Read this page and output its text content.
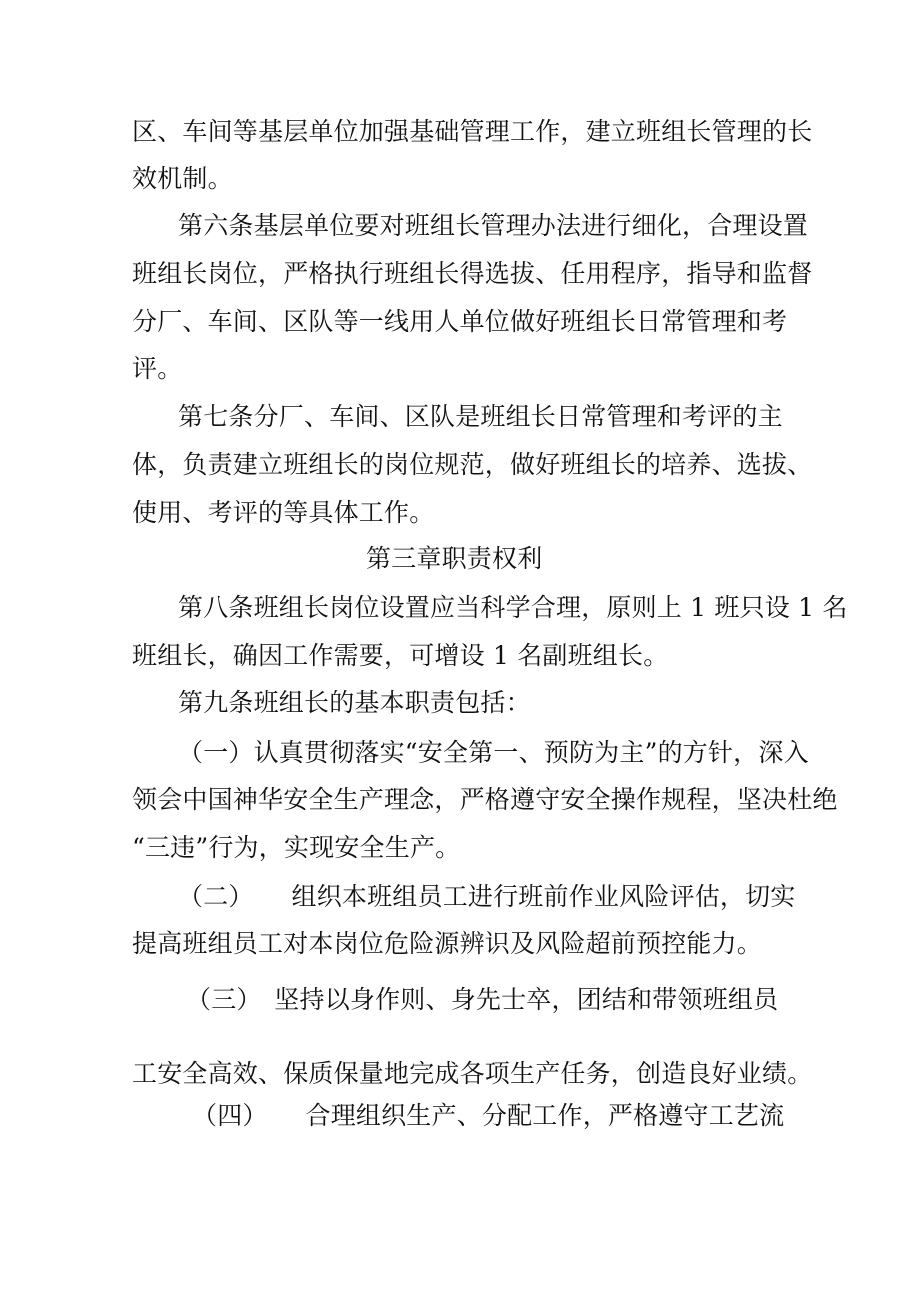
区、车间等基层单位加强基础管理工作，建立班组长管理的长
效机制。
第六条基层单位要对班组长管理办法进行细化，合理设置
班组长岗位，严格执行班组长得选拔、任用程序，指导和监督
分厂、车间、区队等一线用人单位做好班组长日常管理和考
评。
第七条分厂、车间、区队是班组长日常管理和考评的主
体，负责建立班组长的岗位规范，做好班组长的培养、选拔、
使用、考评的等具体工作。
第三章职责权利
第八条班组长岗位设置应当科学合理，原则上 1 班只设 1 名
班组长，确因工作需要，可增设 1 名副班组长。
第九条班组长的基本职责包括：
（一）认真贯彻落实“安全第一、预防为主”的方针，深入
领会中国神华安全生产理念，严格遵守安全操作规程，坚决杜绝
“三违”行为，实现安全生产。
（二）　　组织本班组员工进行班前作业风险评估，切实
提高班组员工对本岗位危险源辨识及风险超前预控能力。
（三）　坚持以身作则、身先士卒，团结和带领班组员
工安全高效、保质保量地完成各项生产任务，创造良好业绩。
（四）　　合理组织生产、分配工作，严格遵守工艺流
